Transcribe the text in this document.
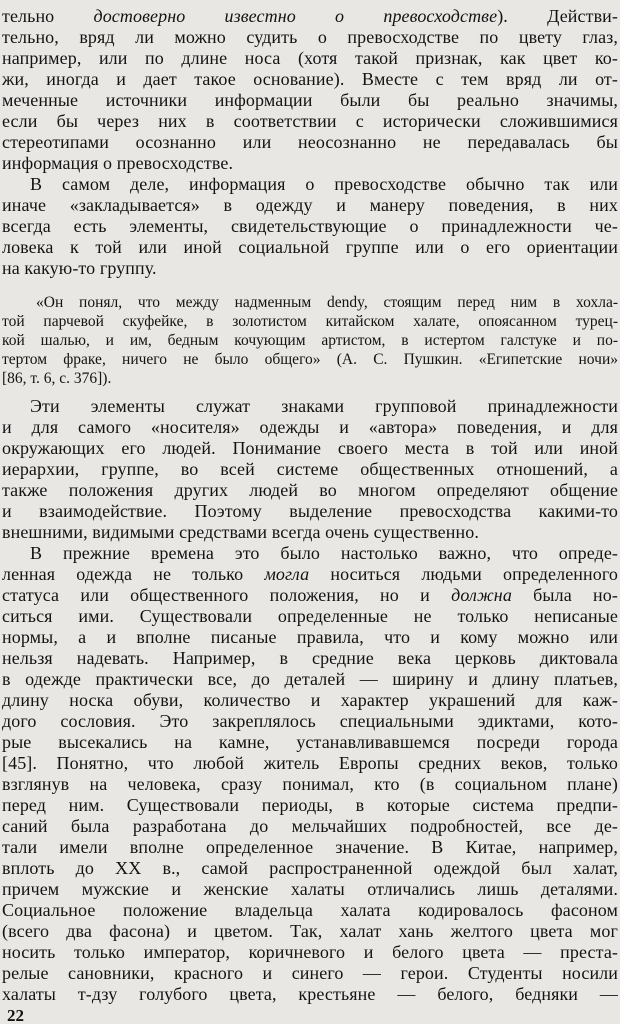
тельно достоверно известно о превосходстве). Действи-
тельно, вряд ли можно судить о превосходстве по цвету глаз,
например, или по длине носа (хотя такой признак, как цвет ко-
жи, иногда и дает такое основание). Вместе с тем вряд ли от-
меченные источники информации были бы реально значимы,
если бы через них в соответствии с исторически сложившимися
стереотипами осознанно или неосознанно не передавалась бы
информация о превосходстве.
В самом деле, информация о превосходстве обычно так или
иначе «закладывается» в одежду и манеру поведения, в них
всегда есть элементы, свидетельствующие о принадлежности че-
ловека к той или иной социальной группе или о его ориентации
на какую-то группу.
«Он понял, что между надменным dendy, стоящим перед ним в хохла-
той парчевой скуфейке, в золотистом китайском халате, опоясанном турец-
кой шалью, и им, бедным кочующим артистом, в истертом галстуке и по-
тертом фраке, ничего не было общего» (А. С. Пушкин. «Египетские ночи»
[86, т. 6, с. 376]).
Эти элементы служат знаками групповой принадлежности
и для самого «носителя» одежды и «автора» поведения, и для
окружающих его людей. Понимание своего места в той или иной
иерархии, группе, во всей системе общественных отношений, а
также положения других людей во многом определяют общение
и взаимодействие. Поэтому выделение превосходства какими-то
внешними, видимыми средствами всегда очень существенно.
В прежние времена это было настолько важно, что опреде-
ленная одежда не только могла носиться людьми определенного
статуса или общественного положения, но и должна была но-
ситься ими. Существовали определенные не только неписаные
нормы, а и вполне писаные правила, что и кому можно или
нельзя надевать. Например, в средние века церковь диктовала
в одежде практически все, до деталей — ширину и длину платьев,
длину носка обуви, количество и характер украшений для каж-
дого сословия. Это закреплялось специальными эдиктами, кото-
рые высекались на камне, устанавливавшемся посреди города
[45]. Понятно, что любой житель Европы средних веков, только
взглянув на человека, сразу понимал, кто (в социальном плане)
перед ним. Существовали периоды, в которые система предпи-
саний была разработана до мельчайших подробностей, все де-
тали имели вполне определенное значение. В Китае, например,
вплоть до XX в., самой распространенной одеждой был халат,
причем мужские и женские халаты отличались лишь деталями.
Социальное положение владельца халата кодировалось фасоном
(всего два фасона) и цветом. Так, халат хань желтого цвета мог
носить только император, коричневого и белого цвета — преста-
релые сановники, красного и синего — герои. Студенты носили
халаты т-дзу голубого цвета, крестьяне — белого, бедняки —
22
